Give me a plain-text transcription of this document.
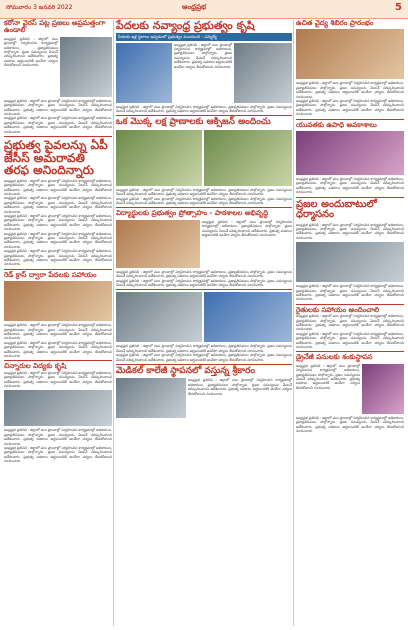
సోమవారం 3 జనవరి 2022	ఆంధ్రప్రభ	5
కరోనా వైరస్ పట్ల ప్రజలు అప్రమత్తంగా ఉండాలి
ఆంధ్రప్రభ ప్రతినిధి : జిల్లాలో పలు ప్రాంతాల్లో నిర్వహించిన కార్యక్రమాల్లో అధికారులు, ప్రజాప్రతినిధులు పాల్గొన్నారు. ప్రజల సమస్యలను వెంటనే పరిష్కరించాలని ఆదేశించారు. ప్రభుత్వ పథకాలు అర్హులందరికీ అందేలా చర్యలు తీసుకోవాలని సూచించారు.
ఆంధ్రప్రభ ప్రతినిధి : జిల్లాలో పలు ప్రాంతాల్లో నిర్వహించిన కార్యక్రమాల్లో అధికారులు, ప్రజాప్రతినిధులు పాల్గొన్నారు. ప్రజల సమస్యలను వెంటనే పరిష్కరించాలని ఆదేశించారు. ప్రభుత్వ పథకాలు అర్హులందరికీ అందేలా చర్యలు తీసుకోవాలని సూచించారు.
ఆంధ్రప్రభ ప్రతినిధి : జిల్లాలో పలు ప్రాంతాల్లో నిర్వహించిన కార్యక్రమాల్లో అధికారులు, ప్రజాప్రతినిధులు పాల్గొన్నారు. ప్రజల సమస్యలను వెంటనే పరిష్కరించాలని ఆదేశించారు. ప్రభుత్వ పథకాలు అర్హులందరికీ అందేలా చర్యలు తీసుకోవాలని సూచించారు.
ప్రభుత్వ పైవలన్ను ఏపీ జేసీస్ అమరావతి తరఫ అనిందిన్నారు
ఆంధ్రప్రభ ప్రతినిధి : జిల్లాలో పలు ప్రాంతాల్లో నిర్వహించిన కార్యక్రమాల్లో అధికారులు, ప్రజాప్రతినిధులు పాల్గొన్నారు. ప్రజల సమస్యలను వెంటనే పరిష్కరించాలని ఆదేశించారు. ప్రభుత్వ పథకాలు అర్హులందరికీ అందేలా చర్యలు తీసుకోవాలని సూచించారు.
ఆంధ్రప్రభ ప్రతినిధి : జిల్లాలో పలు ప్రాంతాల్లో నిర్వహించిన కార్యక్రమాల్లో అధికారులు, ప్రజాప్రతినిధులు పాల్గొన్నారు. ప్రజల సమస్యలను వెంటనే పరిష్కరించాలని ఆదేశించారు. ప్రభుత్వ పథకాలు అర్హులందరికీ అందేలా చర్యలు తీసుకోవాలని సూచించారు.
ఆంధ్రప్రభ ప్రతినిధి : జిల్లాలో పలు ప్రాంతాల్లో నిర్వహించిన కార్యక్రమాల్లో అధికారులు, ప్రజాప్రతినిధులు పాల్గొన్నారు. ప్రజల సమస్యలను వెంటనే పరిష్కరించాలని ఆదేశించారు. ప్రభుత్వ పథకాలు అర్హులందరికీ అందేలా చర్యలు తీసుకోవాలని సూచించారు.
ఆంధ్రప్రభ ప్రతినిధి : జిల్లాలో పలు ప్రాంతాల్లో నిర్వహించిన కార్యక్రమాల్లో అధికారులు, ప్రజాప్రతినిధులు పాల్గొన్నారు. ప్రజల సమస్యలను వెంటనే పరిష్కరించాలని ఆదేశించారు. ప్రభుత్వ పథకాలు అర్హులందరికీ అందేలా చర్యలు తీసుకోవాలని సూచించారు.
ఆంధ్రప్రభ ప్రతినిధి : జిల్లాలో పలు ప్రాంతాల్లో నిర్వహించిన కార్యక్రమాల్లో అధికారులు, ప్రజాప్రతినిధులు పాల్గొన్నారు. ప్రజల సమస్యలను వెంటనే పరిష్కరించాలని ఆదేశించారు. ప్రభుత్వ పథకాలు అర్హులందరికీ అందేలా చర్యలు తీసుకోవాలని సూచించారు.
రెడ్ క్రాస్ ద్వారా పేదలకు సహాయం
ఆంధ్రప్రభ ప్రతినిధి : జిల్లాలో పలు ప్రాంతాల్లో నిర్వహించిన కార్యక్రమాల్లో అధికారులు, ప్రజాప్రతినిధులు పాల్గొన్నారు. ప్రజల సమస్యలను వెంటనే పరిష్కరించాలని ఆదేశించారు. ప్రభుత్వ పథకాలు అర్హులందరికీ అందేలా చర్యలు తీసుకోవాలని సూచించారు.
ఆంధ్రప్రభ ప్రతినిధి : జిల్లాలో పలు ప్రాంతాల్లో నిర్వహించిన కార్యక్రమాల్లో అధికారులు, ప్రజాప్రతినిధులు పాల్గొన్నారు. ప్రజల సమస్యలను వెంటనే పరిష్కరించాలని ఆదేశించారు. ప్రభుత్వ పథకాలు అర్హులందరికీ అందేలా చర్యలు తీసుకోవాలని సూచించారు.
చిన్నారుల విద్యకు కృషి
ఆంధ్రప్రభ ప్రతినిధి : జిల్లాలో పలు ప్రాంతాల్లో నిర్వహించిన కార్యక్రమాల్లో అధికారులు, ప్రజాప్రతినిధులు పాల్గొన్నారు. ప్రజల సమస్యలను వెంటనే పరిష్కరించాలని ఆదేశించారు. ప్రభుత్వ పథకాలు అర్హులందరికీ అందేలా చర్యలు తీసుకోవాలని సూచించారు.
ఆంధ్రప్రభ ప్రతినిధి : జిల్లాలో పలు ప్రాంతాల్లో నిర్వహించిన కార్యక్రమాల్లో అధికారులు, ప్రజాప్రతినిధులు పాల్గొన్నారు. ప్రజల సమస్యలను వెంటనే పరిష్కరించాలని ఆదేశించారు. ప్రభుత్వ పథకాలు అర్హులందరికీ అందేలా చర్యలు తీసుకోవాలని సూచించారు.
ఆంధ్రప్రభ ప్రతినిధి : జిల్లాలో పలు ప్రాంతాల్లో నిర్వహించిన కార్యక్రమాల్లో అధికారులు, ప్రజాప్రతినిధులు పాల్గొన్నారు. ప్రజల సమస్యలను వెంటనే పరిష్కరించాలని ఆదేశించారు. ప్రభుత్వ పథకాలు అర్హులందరికీ అందేలా చర్యలు తీసుకోవాలని సూచించారు.
పేదలకు నవ్యాంధ్ర ప్రభుత్వం కృషి
పేదలకు ఇళ్ల స్థలాలు ఇవ్వడంలో ప్రభుత్వం ముందుంది - ఎమ్మెల్యే
ఆంధ్రప్రభ ప్రతినిధి : జిల్లాలో పలు ప్రాంతాల్లో నిర్వహించిన కార్యక్రమాల్లో అధికారులు, ప్రజాప్రతినిధులు పాల్గొన్నారు. ప్రజల సమస్యలను వెంటనే పరిష్కరించాలని ఆదేశించారు. ప్రభుత్వ పథకాలు అర్హులందరికీ అందేలా చర్యలు తీసుకోవాలని సూచించారు.
ఆంధ్రప్రభ ప్రతినిధి : జిల్లాలో పలు ప్రాంతాల్లో నిర్వహించిన కార్యక్రమాల్లో అధికారులు, ప్రజాప్రతినిధులు పాల్గొన్నారు. ప్రజల సమస్యలను వెంటనే పరిష్కరించాలని ఆదేశించారు. ప్రభుత్వ పథకాలు అర్హులందరికీ అందేలా చర్యలు తీసుకోవాలని సూచించారు.
ఒక మొక్క లక్ష ప్రాణాలకు ఆక్సిజన్ అందించు
ఆంధ్రప్రభ ప్రతినిధి : జిల్లాలో పలు ప్రాంతాల్లో నిర్వహించిన కార్యక్రమాల్లో అధికారులు, ప్రజాప్రతినిధులు పాల్గొన్నారు. ప్రజల సమస్యలను వెంటనే పరిష్కరించాలని ఆదేశించారు. ప్రభుత్వ పథకాలు అర్హులందరికీ అందేలా చర్యలు తీసుకోవాలని సూచించారు.
ఆంధ్రప్రభ ప్రతినిధి : జిల్లాలో పలు ప్రాంతాల్లో నిర్వహించిన కార్యక్రమాల్లో అధికారులు, ప్రజాప్రతినిధులు పాల్గొన్నారు. ప్రజల సమస్యలను వెంటనే పరిష్కరించాలని ఆదేశించారు. ప్రభుత్వ పథకాలు అర్హులందరికీ అందేలా చర్యలు తీసుకోవాలని సూచించారు.
విద్యార్థులకు ప్రభుత్వం ప్రోత్సాహం - పాఠశాలల అభివృద్ధి
ఆంధ్రప్రభ ప్రతినిధి : జిల్లాలో పలు ప్రాంతాల్లో నిర్వహించిన కార్యక్రమాల్లో అధికారులు, ప్రజాప్రతినిధులు పాల్గొన్నారు. ప్రజల సమస్యలను వెంటనే పరిష్కరించాలని ఆదేశించారు. ప్రభుత్వ పథకాలు అర్హులందరికీ అందేలా చర్యలు తీసుకోవాలని సూచించారు.
ఆంధ్రప్రభ ప్రతినిధి : జిల్లాలో పలు ప్రాంతాల్లో నిర్వహించిన కార్యక్రమాల్లో అధికారులు, ప్రజాప్రతినిధులు పాల్గొన్నారు. ప్రజల సమస్యలను వెంటనే పరిష్కరించాలని ఆదేశించారు. ప్రభుత్వ పథకాలు అర్హులందరికీ అందేలా చర్యలు తీసుకోవాలని సూచించారు.
ఆంధ్రప్రభ ప్రతినిధి : జిల్లాలో పలు ప్రాంతాల్లో నిర్వహించిన కార్యక్రమాల్లో అధికారులు, ప్రజాప్రతినిధులు పాల్గొన్నారు. ప్రజల సమస్యలను వెంటనే పరిష్కరించాలని ఆదేశించారు. ప్రభుత్వ పథకాలు అర్హులందరికీ అందేలా చర్యలు తీసుకోవాలని సూచించారు.
ఆంధ్రప్రభ ప్రతినిధి : జిల్లాలో పలు ప్రాంతాల్లో నిర్వహించిన కార్యక్రమాల్లో అధికారులు, ప్రజాప్రతినిధులు పాల్గొన్నారు. ప్రజల సమస్యలను వెంటనే పరిష్కరించాలని ఆదేశించారు. ప్రభుత్వ పథకాలు అర్హులందరికీ అందేలా చర్యలు తీసుకోవాలని సూచించారు.
ఆంధ్రప్రభ ప్రతినిధి : జిల్లాలో పలు ప్రాంతాల్లో నిర్వహించిన కార్యక్రమాల్లో అధికారులు, ప్రజాప్రతినిధులు పాల్గొన్నారు. ప్రజల సమస్యలను వెంటనే పరిష్కరించాలని ఆదేశించారు. ప్రభుత్వ పథకాలు అర్హులందరికీ అందేలా చర్యలు తీసుకోవాలని సూచించారు.
మెడికల్ కాలేజీ స్థాపనలో వస్తున్న శ్రీకారం
ఆంధ్రప్రభ ప్రతినిధి : జిల్లాలో పలు ప్రాంతాల్లో నిర్వహించిన కార్యక్రమాల్లో అధికారులు, ప్రజాప్రతినిధులు పాల్గొన్నారు. ప్రజల సమస్యలను వెంటనే పరిష్కరించాలని ఆదేశించారు. ప్రభుత్వ పథకాలు అర్హులందరికీ అందేలా చర్యలు తీసుకోవాలని సూచించారు.
ఉచిత వైద్య శిబిరం ప్రారంభం
ఆంధ్రప్రభ ప్రతినిధి : జిల్లాలో పలు ప్రాంతాల్లో నిర్వహించిన కార్యక్రమాల్లో అధికారులు, ప్రజాప్రతినిధులు పాల్గొన్నారు. ప్రజల సమస్యలను వెంటనే పరిష్కరించాలని ఆదేశించారు. ప్రభుత్వ పథకాలు అర్హులందరికీ అందేలా చర్యలు తీసుకోవాలని సూచించారు.
ఆంధ్రప్రభ ప్రతినిధి : జిల్లాలో పలు ప్రాంతాల్లో నిర్వహించిన కార్యక్రమాల్లో అధికారులు, ప్రజాప్రతినిధులు పాల్గొన్నారు. ప్రజల సమస్యలను వెంటనే పరిష్కరించాలని ఆదేశించారు. ప్రభుత్వ పథకాలు అర్హులందరికీ అందేలా చర్యలు తీసుకోవాలని సూచించారు.
యువతకు ఉపాధి అవకాశాలు
ఆంధ్రప్రభ ప్రతినిధి : జిల్లాలో పలు ప్రాంతాల్లో నిర్వహించిన కార్యక్రమాల్లో అధికారులు, ప్రజాప్రతినిధులు పాల్గొన్నారు. ప్రజల సమస్యలను వెంటనే పరిష్కరించాలని ఆదేశించారు. ప్రభుత్వ పథకాలు అర్హులందరికీ అందేలా చర్యలు తీసుకోవాలని సూచించారు.
ప్రజల అందుబాటులో ధర్మాసనం
ఆంధ్రప్రభ ప్రతినిధి : జిల్లాలో పలు ప్రాంతాల్లో నిర్వహించిన కార్యక్రమాల్లో అధికారులు, ప్రజాప్రతినిధులు పాల్గొన్నారు. ప్రజల సమస్యలను వెంటనే పరిష్కరించాలని ఆదేశించారు. ప్రభుత్వ పథకాలు అర్హులందరికీ అందేలా చర్యలు తీసుకోవాలని సూచించారు.
ఆంధ్రప్రభ ప్రతినిధి : జిల్లాలో పలు ప్రాంతాల్లో నిర్వహించిన కార్యక్రమాల్లో అధికారులు, ప్రజాప్రతినిధులు పాల్గొన్నారు. ప్రజల సమస్యలను వెంటనే పరిష్కరించాలని ఆదేశించారు. ప్రభుత్వ పథకాలు అర్హులందరికీ అందేలా చర్యలు తీసుకోవాలని సూచించారు.
రైతులకు సహాయం అందించాలి
ఆంధ్రప్రభ ప్రతినిధి : జిల్లాలో పలు ప్రాంతాల్లో నిర్వహించిన కార్యక్రమాల్లో అధికారులు, ప్రజాప్రతినిధులు పాల్గొన్నారు. ప్రజల సమస్యలను వెంటనే పరిష్కరించాలని ఆదేశించారు. ప్రభుత్వ పథకాలు అర్హులందరికీ అందేలా చర్యలు తీసుకోవాలని సూచించారు.
ఆంధ్రప్రభ ప్రతినిధి : జిల్లాలో పలు ప్రాంతాల్లో నిర్వహించిన కార్యక్రమాల్లో అధికారులు, ప్రజాప్రతినిధులు పాల్గొన్నారు. ప్రజల సమస్యలను వెంటనే పరిష్కరించాలని ఆదేశించారు. ప్రభుత్వ పథకాలు అర్హులందరికీ అందేలా చర్యలు తీసుకోవాలని సూచించారు.
డ్రైనేజీ పనులకు శంకుస్థాపన
ఆంధ్రప్రభ ప్రతినిధి : జిల్లాలో పలు ప్రాంతాల్లో నిర్వహించిన కార్యక్రమాల్లో అధికారులు, ప్రజాప్రతినిధులు పాల్గొన్నారు. ప్రజల సమస్యలను వెంటనే పరిష్కరించాలని ఆదేశించారు. ప్రభుత్వ పథకాలు అర్హులందరికీ అందేలా చర్యలు తీసుకోవాలని సూచించారు.
ఆంధ్రప్రభ ప్రతినిధి : జిల్లాలో పలు ప్రాంతాల్లో నిర్వహించిన కార్యక్రమాల్లో అధికారులు, ప్రజాప్రతినిధులు పాల్గొన్నారు. ప్రజల సమస్యలను వెంటనే పరిష్కరించాలని ఆదేశించారు. ప్రభుత్వ పథకాలు అర్హులందరికీ అందేలా చర్యలు తీసుకోవాలని సూచించారు.
